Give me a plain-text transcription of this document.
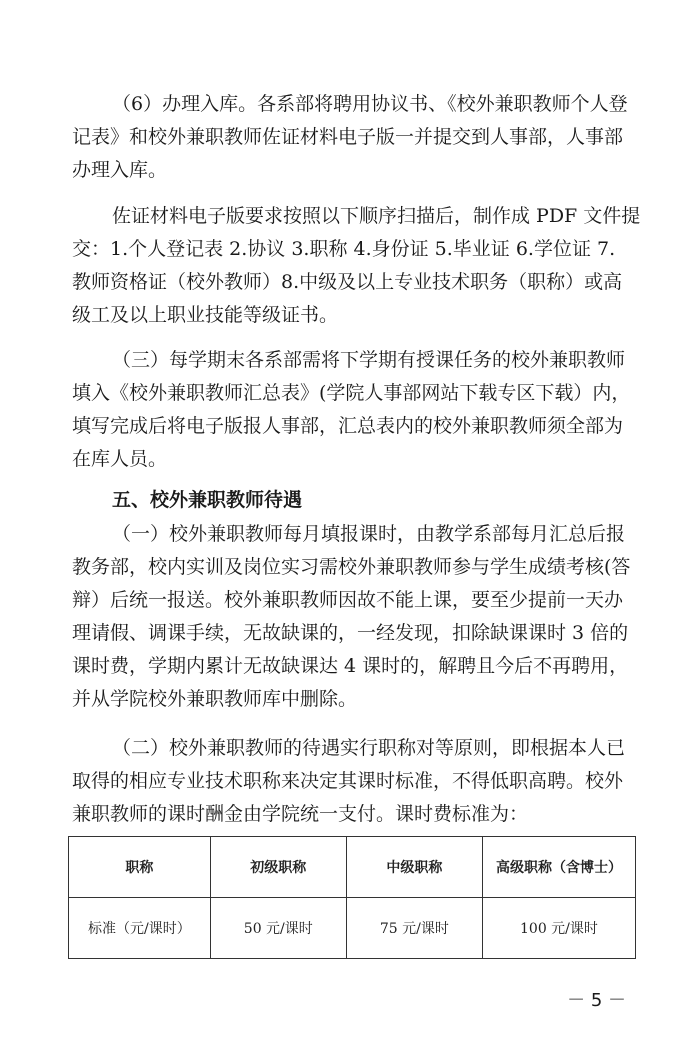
（6）办理入库。各系部将聘用协议书、《校外兼职教师个人登
记表》和校外兼职教师佐证材料电子版一并提交到人事部，人事部
办理入库。

佐证材料电子版要求按照以下顺序扫描后，制作成 PDF 文件提
交：1.个人登记表 2.协议 3.职称 4.身份证 5.毕业证 6.学位证 7.
教师资格证（校外教师）8.中级及以上专业技术职务（职称）或高
级工及以上职业技能等级证书。

（三）每学期末各系部需将下学期有授课任务的校外兼职教师
填入《校外兼职教师汇总表》(学院人事部网站下载专区下载）内，
填写完成后将电子版报人事部，汇总表内的校外兼职教师须全部为
在库人员。

五、校外兼职教师待遇

（一）校外兼职教师每月填报课时，由教学系部每月汇总后报
教务部，校内实训及岗位实习需校外兼职教师参与学生成绩考核(答
辩）后统一报送。校外兼职教师因故不能上课，要至少提前一天办
理请假、调课手续，无故缺课的，一经发现，扣除缺课课时 3 倍的
课时费，学期内累计无故缺课达 4 课时的，解聘且今后不再聘用，
并从学院校外兼职教师库中删除。

（二）校外兼职教师的待遇实行职称对等原则，即根据本人已
取得的相应专业技术职称来决定其课时标准，不得低职高聘。校外
兼职教师的课时酬金由学院统一支付。课时费标准为：

职称	初级职称	中级职称	高级职称（含博士）
标准（元/课时）	50 元/课时	75 元/课时	100 元/课时
－ 5 －
